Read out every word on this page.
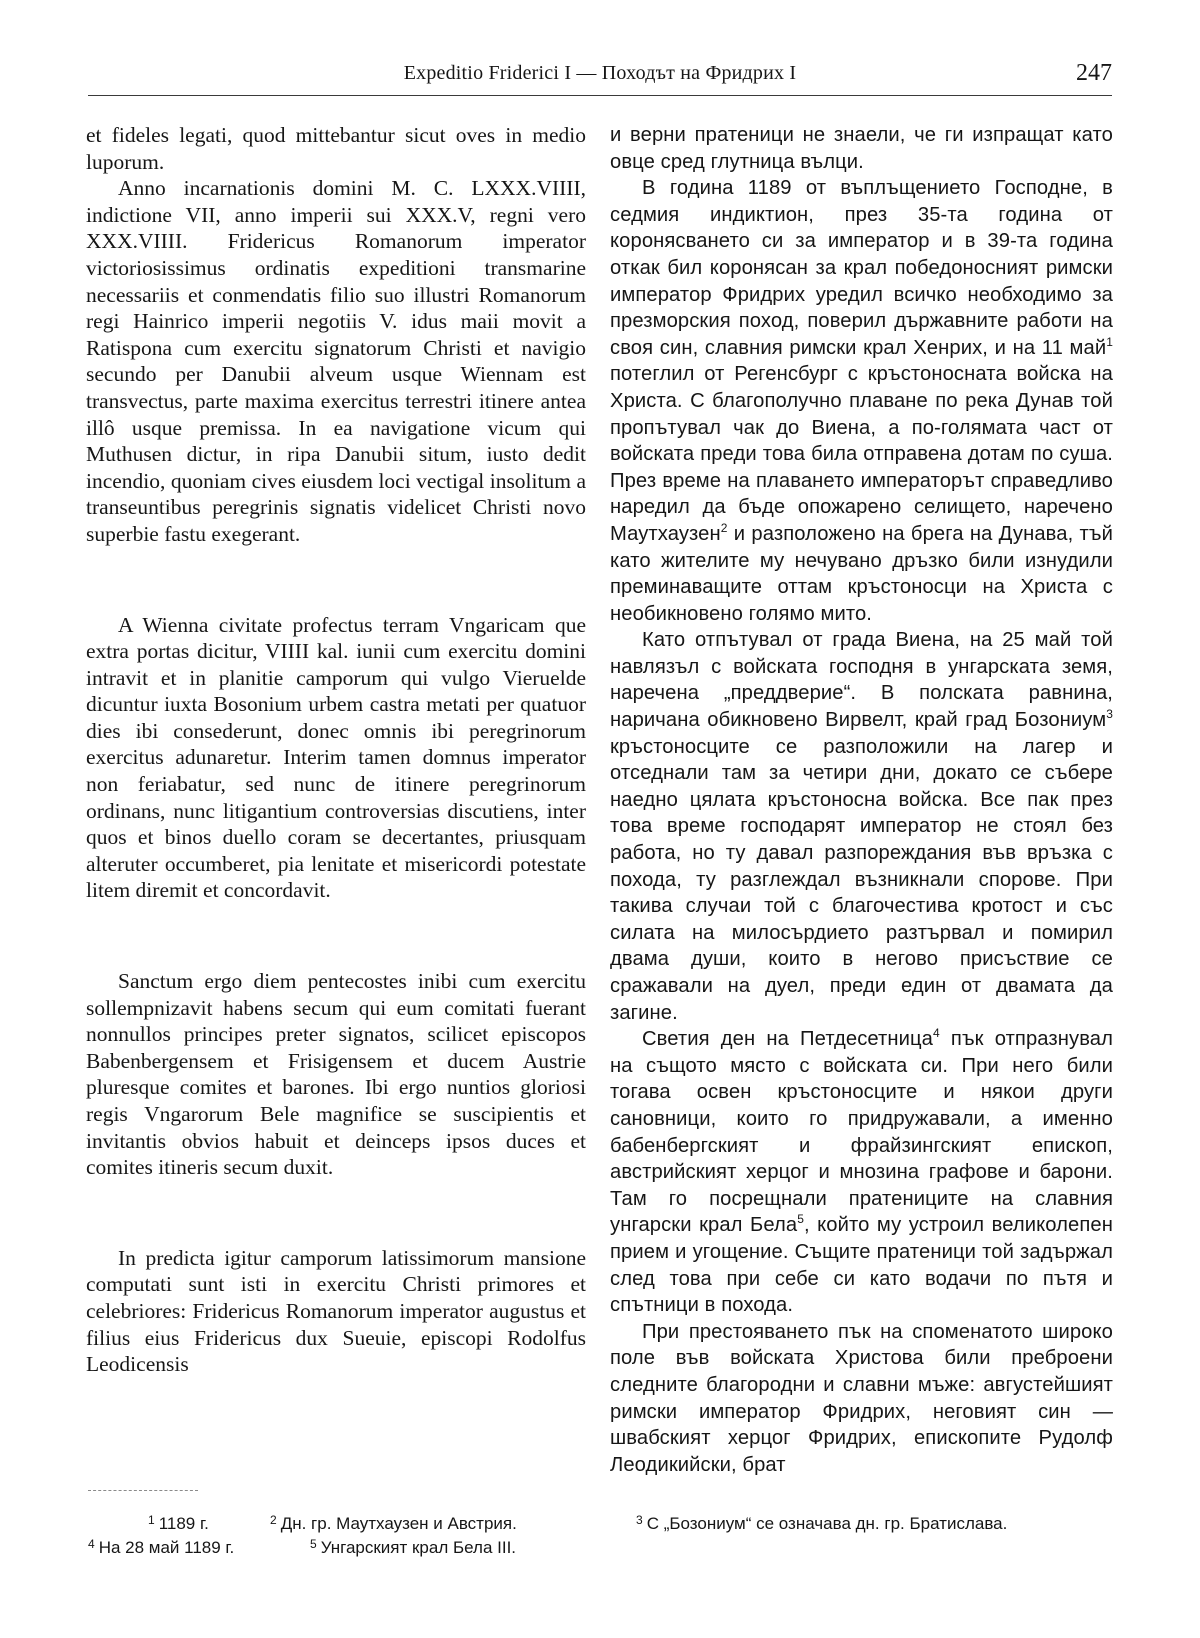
Expeditio Friderici I — Походът на Фридрих I	247

et fideles legati, quod mittebantur sicut oves in medio luporum.

Anno incarnationis domini M. C. LXXX.VIIII, indictione VII, anno imperii sui XXX.V, regni vero XXX.VIIII. Fridericus Romanorum imperator victoriosissimus ordinatis expeditioni transmarine necessariis et conmendatis filio suo illustri Romanorum regi Hainrico imperii negotiis V. idus maii movit a Ratispona cum exercitu signatorum Christi et navigio secundo per Danubii alveum usque Wiennam est transvectus, parte maxima exercitus terrestri itinere antea illô usque premissa. In ea navigatione vicum qui Muthusen dictur, in ripa Danubii situm, iusto dedit incendio, quoniam cives eiusdem loci vectigal insolitum a transeuntibus peregrinis signatis videlicet Christi novo superbie fastu exegerant.

A Wienna civitate profectus terram Vngaricam que extra portas dicitur, VIIII kal. iunii cum exercitu domini intravit et in planitie camporum qui vulgo Vieruelde dicuntur iuxta Bosonium urbem castra metati per quatuor dies ibi consederunt, donec omnis ibi peregrinorum exercitus adunaretur. Interim tamen domnus imperator non feriabatur, sed nunc de itinere peregrinorum ordinans, nunc litigantium controversias discutiens, inter quos et binos duello coram se decertantes, priusquam alteruter occumberet, pia lenitate et misericordi potestate litem diremit et concordavit.

Sanctum ergo diem pentecostes inibi cum exercitu sollempnizavit habens secum qui eum comitati fuerant nonnullos principes preter signatos, scilicet episcopos Babenbergensem et Frisigensem et ducem Austrie pluresque comites et barones. Ibi ergo nuntios gloriosi regis Vngarorum Bele magnifice se suscipientis et invitantis obvios habuit et deinceps ipsos duces et comites itineris secum duxit.

In predicta igitur camporum latissimorum mansione computati sunt isti in exercitu Christi primores et celebriores: Fridericus Romanorum imperator augustus et filius eius Fridericus dux Sueuie, episcopi Rodolfus Leodicensis

и верни пратеници не знаели, че ги изпращат като овце сред глутница вълци.

В година 1189 от въплъщението Господне, в седмия индиктион, през 35-та година от коронясването си за император и в 39-та година откак бил коронясан за крал победоносният римски император Фридрих уредил всичко необходимо за презморския поход, поверил държавните работи на своя син, славния римски крал Хенрих, и на 11 май$^1$ потеглил от Регенсбург с кръстоносната войска на Христа. С благополучно плаване по река Дунав той пропътувал чак до Виена, а по-голямата част от войската преди това била отправена дотам по суша. През време на плаването императорът справедливо наредил да бъде опожарено селището, наречено Маутхаузен$^2$ и разположено на брега на Дунава, тъй като жителите му нечувано дръзко били изнудили преминаващите оттам кръстоносци на Христа с необикновено голямо мито.

Като отпътувал от града Виена, на 25 май той навлязъл с войската господня в унгарската земя, наречена „преддверие“. В полската равнина, наричана обикновено Вирвелт, край град Бозониум$^3$ кръстоносците се разположили на лагер и отседнали там за четири дни, докато се събере наедно цялата кръстоносна войска. Все пак през това време господарят император не стоял без работа, но ту давал разпореждания във връзка с похода, ту разглеждал възникнали спорове. При такива случаи той с благочестива кротост и със силата на милосърдието разтървал и помирил двама души, които в негово присъствие се сражавали на дуел, преди един от двамата да загине.

Светия ден на Петдесетница$^4$ пък отпразнувал на същото място с войската си. При него били тогава освен кръстоносците и някои други сановници, които го придружавали, а именно бабенбергският и фрайзингският епископ, австрийският херцог и мнозина графове и барони. Там го посрещнали пратениците на славния унгарски крал Бела$^5$, който му устроил великолепен прием и угощение. Същите пратеници той задържал след това при себе си като водачи по пътя и спътници в похода.

При престояването пък на споменатото широко поле във войската Христова били преброени следните благородни и славни мъже: августейшият римски император Фридрих, неговият син — швабският херцог Фридрих, епископите Рудолф Леодикийски, брат

$^1$ 1189 г.	$^2$ Дн. гр. Маутхаузен и Австрия.	$^3$ С „Бозониум“ се означава дн. гр. Братислава.
$^4$ На 28 май 1189 г.	$^5$ Унгарският крал Бела III.
